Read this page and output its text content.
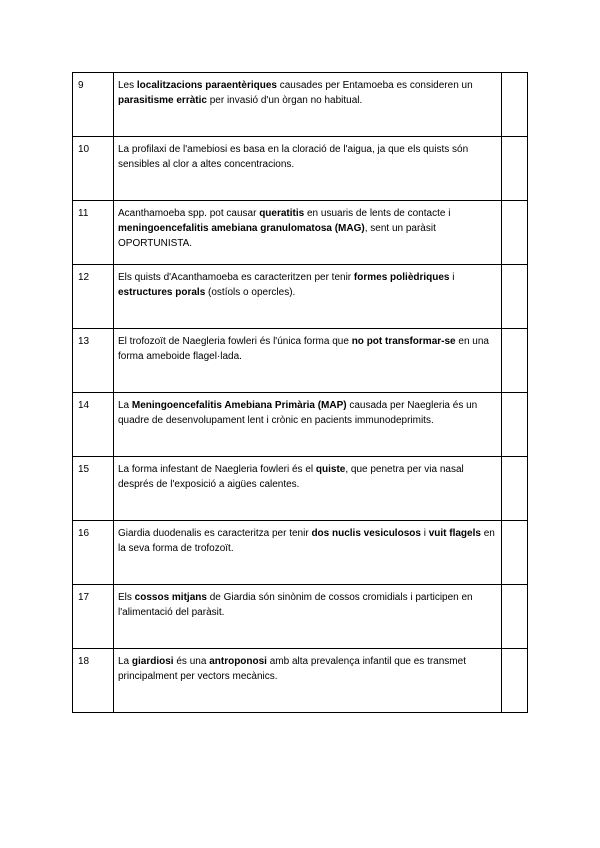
9	Les localitzacions paraentèriques causades per Entamoeba es consideren un parasitisme erràtic per invasió d'un òrgan no habitual.	

10	La profilaxi de l'amebiosi es basa en la cloració de l'aigua, ja que els quists són sensibles al clor a altes concentracions.	

11	Acanthamoeba spp. pot causar queratitis en usuaris de lents de contacte i meningoencefalitis amebiana granulomatosa (MAG), sent un paràsit OPORTUNISTA.	

12	Els quists d'Acanthamoeba es caracteritzen per tenir formes polièdriques i estructures porals (ostíols o opercles).	

13	El trofozoït de Naegleria fowleri és l'única forma que no pot transformar-se en una forma ameboide flagel·lada.	

14	La Meningoencefalitis Amebiana Primària (MAP) causada per Naegleria és un quadre de desenvolupament lent i crònic en pacients immunodeprimits.	

15	La forma infestant de Naegleria fowleri és el quiste, que penetra per via nasal després de l'exposició a aigües calentes.	

16	Giardia duodenalis es caracteritza per tenir dos nuclis vesiculosos i vuit flagels en la seva forma de trofozoït.	

17	Els cossos mitjans de Giardia són sinònim de cossos cromidials i participen en l'alimentació del paràsit.	

18	La giardiosi és una antroponosi amb alta prevalença infantil que es transmet principalment per vectors mecànics.	
